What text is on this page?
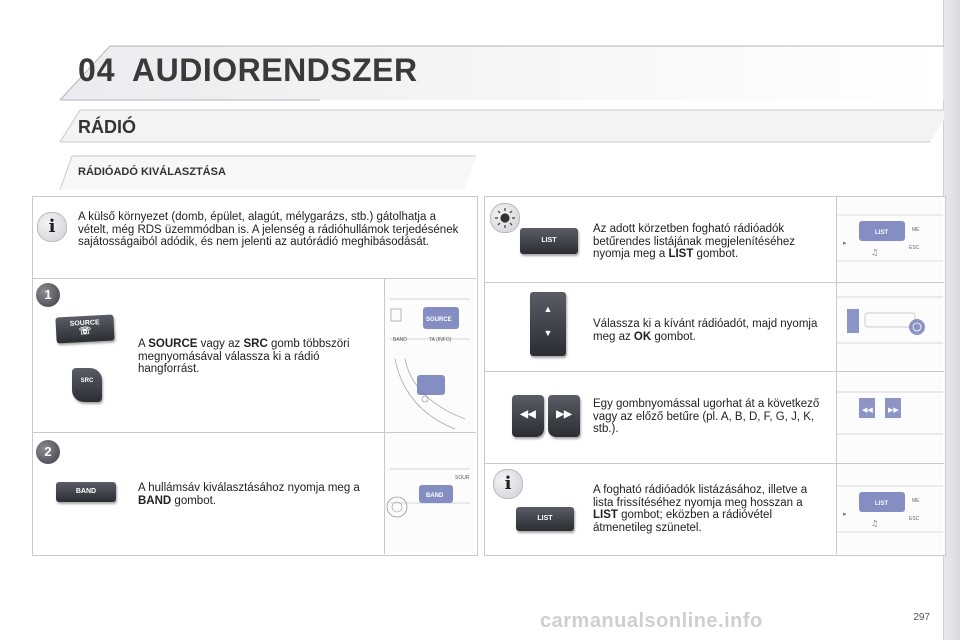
04 AUDIORENDSZER
RÁDIÓ
RÁDIÓADÓ KIVÁLASZTÁSA
i	A külső környezet (domb, épület, alagút, mélygarázs, stb.) gátolhatja a vételt, még RDS üzemmódban is. A jelenség a rádióhullámok terjedésének sajátosságaiból adódik, és nem jelenti az autórádió meghibásodását.
1
SOURCE
☏
SRC
A SOURCE vagy az SRC gomb többszöri megnyomásával válassza ki a rádió hangforrást.
SOURCE
BAND	TA (INFO)
2
BAND	A hullámsáv kiválasztásához nyomja meg a BAND gombot.	BAND
SOUR
LIST
Az adott körzetben fogható rádióadók betűrendes listájának megjelenítéséhez nyomja meg a LIST gombot.
LIST	ME
ESC
▸
♫
▲
▼
Válassza ki a kívánt rádióadót, majd nyomja meg az OK gombot.
◀◀	▶▶
Egy gombnyomással ugorhat át a következő vagy az előző betűre (pl. A, B, D, F, G, J, K, stb.).
◀◀ ▶▶
i
LIST
A fogható rádióadók listázásához, illetve a lista frissítéséhez nyomja meg hosszan a LIST gombot; eközben a rádióvétel átmenetileg szünetel.
LIST	ME
ESC
▸
♫
carmanualsonline.info	297
